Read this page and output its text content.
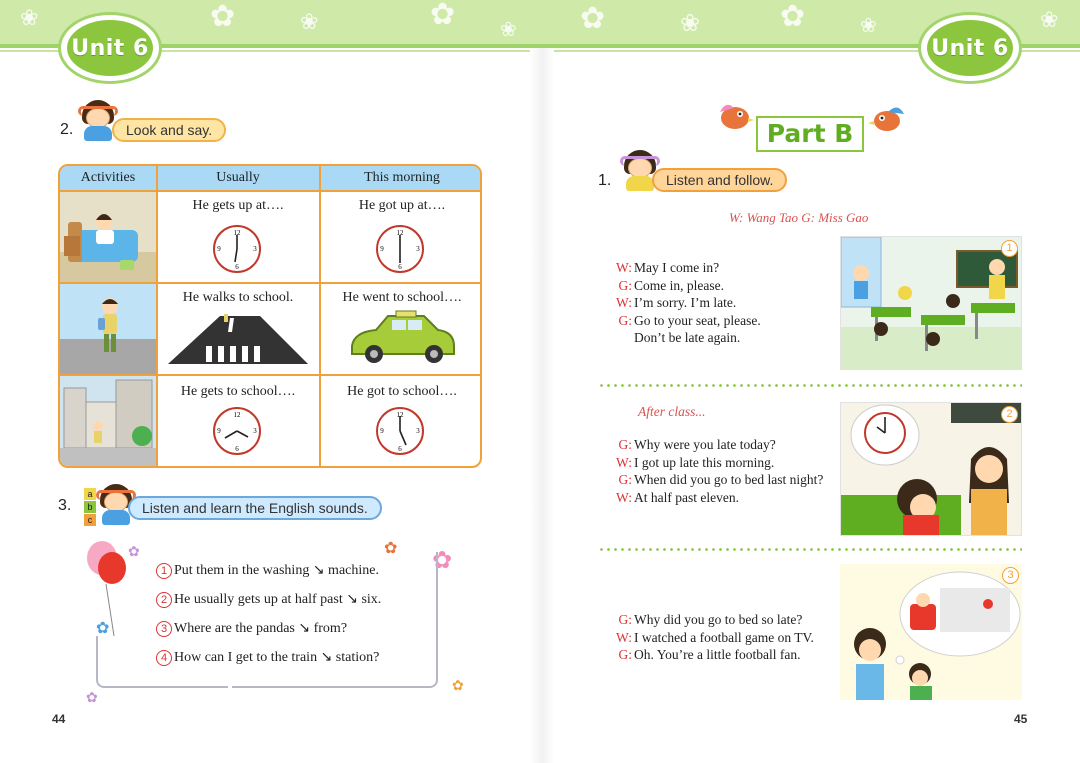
✿	❀	✿ ❀ ✿	❀	✿	❀
❀	❀
Unit 6	Unit 6
2.	Look and say.
Activities	Usually	This morning
He gets up at….	He got up at….
He walks to school.	He went to school….
He gets to school….	He got to school….
12
3
6
9
12
3
6
9
12
3
6
9
12
3
6
9
3.
a
b
c
Listen and learn the English sounds.
✿
✿
✿ ✿
✿
✿
1 Put them in the washing ↘ machine.
2 He usually gets up at half past ↘ six.
3 Where are the pandas ↘ from?
4 How can I get to the train ↘ station?
44
Part B
1.	Listen and follow.
W: Wang Tao G: Miss Gao
W: May I come in?
G: Come in, please.
W: I’m sorry. I’m late.
G: Go to your seat, please.
Don’t be late again.
1
After class...
G: Why were you late today?
W: I got up late this morning.
G: When did you go to bed last night?
W: At half past eleven.
2
G: Why did you go to bed so late?
W: I watched a football game on TV.
G: Oh. You’re a little football fan.
3
45
